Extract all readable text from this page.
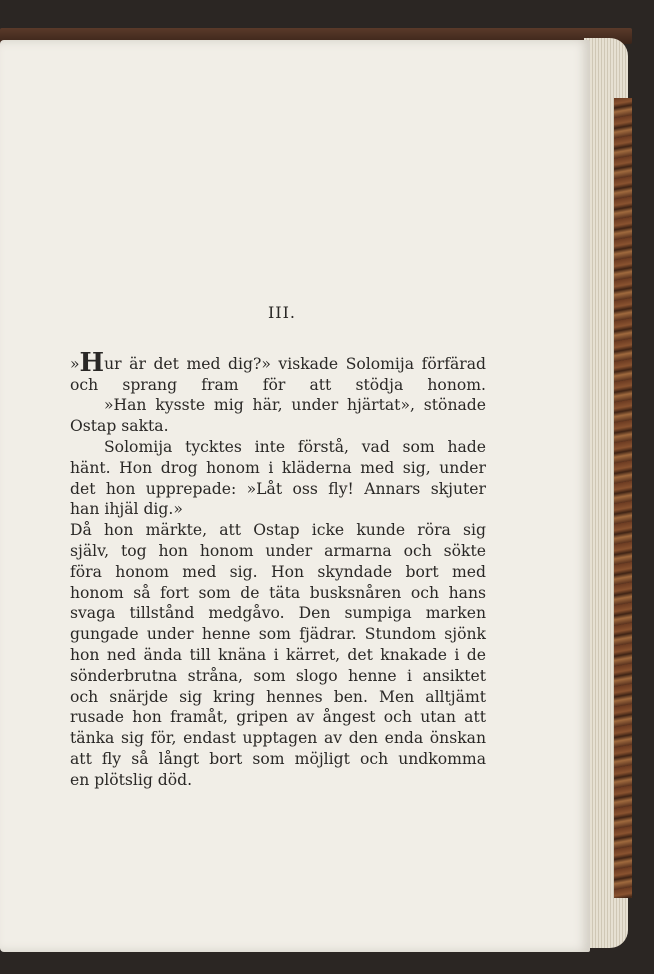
III.
»Hur är det med dig?» viskade Solomija förfärad
och sprang fram för att stödja honom.
»Han kysste mig här, under hjärtat», stönade
Ostap sakta.
Solomija tycktes inte förstå, vad som hade
hänt. Hon drog honom i kläderna med sig, under
det hon upprepade: »Låt oss fly! Annars skjuter
han ihjäl dig.»
Då hon märkte, att Ostap icke kunde röra sig
själv, tog hon honom under armarna och sökte
föra honom med sig. Hon skyndade bort med
honom så fort som de täta busksnåren och hans
svaga tillstånd medgåvo. Den sumpiga marken
gungade under henne som fjädrar. Stundom sjönk
hon ned ända till knäna i kärret, det knakade i de
sönderbrutna stråna, som slogo henne i ansiktet
och snärjde sig kring hennes ben. Men alltjämt
rusade hon framåt, gripen av ångest och utan att
tänka sig för, endast upptagen av den enda önskan
att fly så långt bort som möjligt och undkomma
en plötslig död.
